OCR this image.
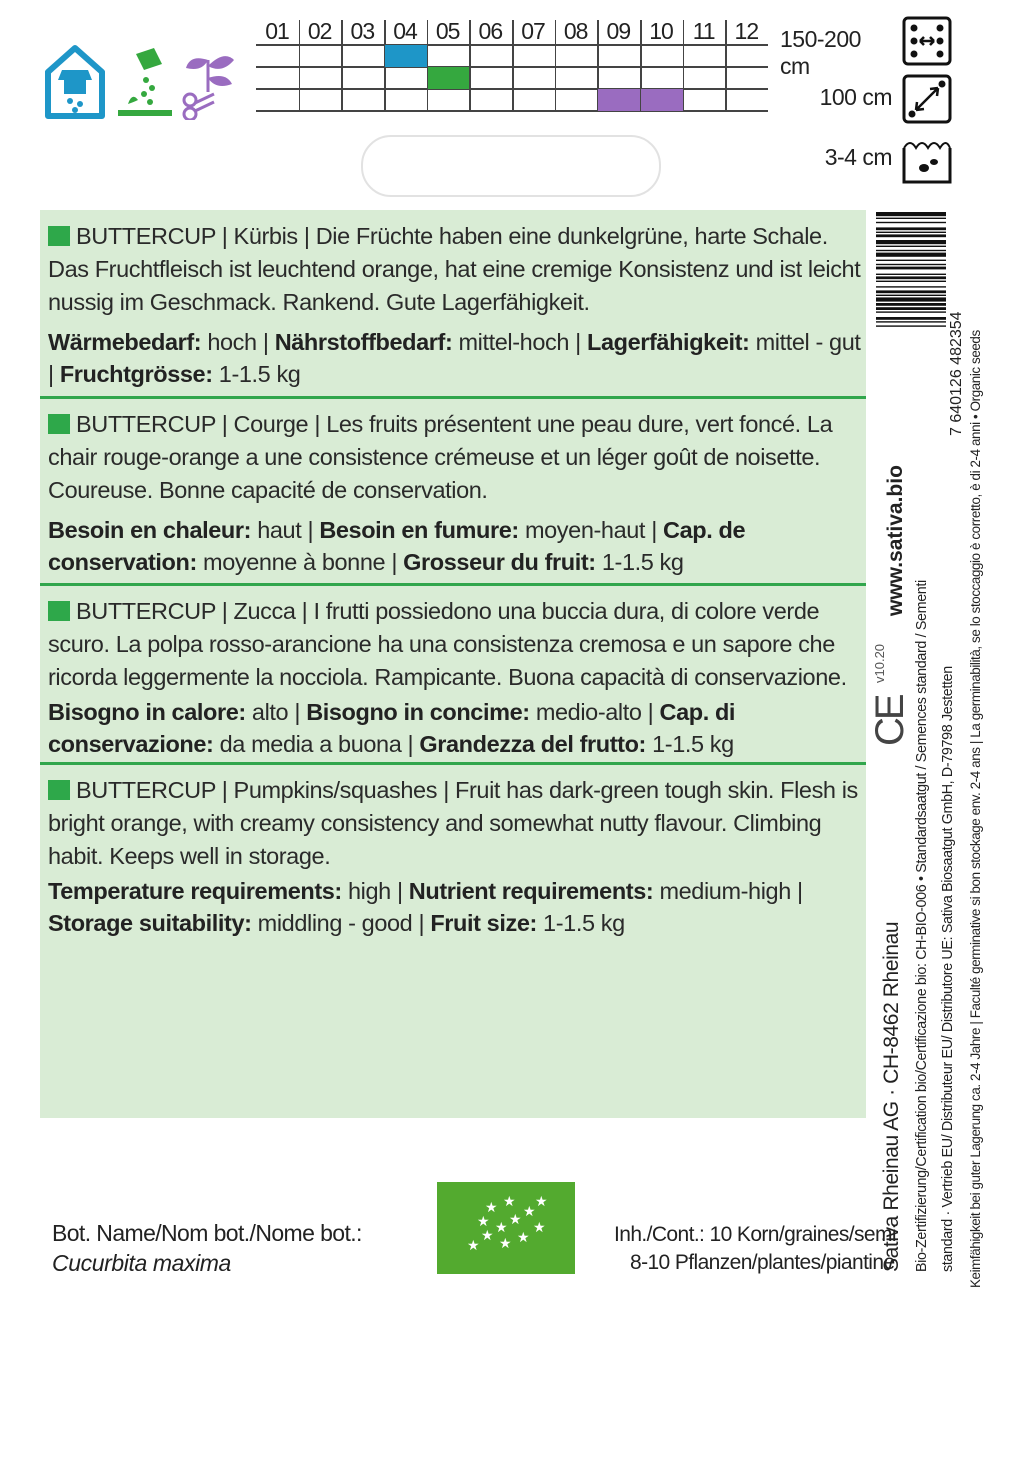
01 02 03 04 05 06 07 08 09 10 11 12 150-200 cm
100 cm
3-4 cm

BUTTERCUP | Kürbis | Die Früchte haben eine dunkelgrüne, harte Schale. Das Fruchtfleisch ist leuchtend orange, hat eine cremige Konsistenz und ist leicht nussig im Geschmack. Rankend. Gute Lagerfähigkeit.

Wärmebedarf: hoch | Nährstoffbedarf: mittel-hoch | Lagerfähigkeit: mittel - gut | Fruchtgrösse: 1-1.5 kg

BUTTERCUP | Courge | Les fruits présentent une peau dure, vert foncé. La chair rouge-orange a une consistence crémeuse et un léger goût de noisette. Coureuse. Bonne capacité de conservation.

Besoin en chaleur: haut | Besoin en fumure: moyen-haut | Cap. de conservation: moyenne à bonne | Grosseur du fruit: 1-1.5 kg

BUTTERCUP | Zucca | I frutti possiedono una buccia dura, di colore verde scuro. La polpa rosso-arancione ha una consistenza cremosa e un sapore che ricorda leggermente la nocciola. Rampicante. Buona capacità di conservazione.

Bisogno in calore: alto | Bisogno in concime: medio-alto | Cap. di conservazione: da media a buona | Grandezza del frutto: 1-1.5 kg

BUTTERCUP | Pumpkins/squashes | Fruit has dark-green tough skin. Flesh is bright orange, with creamy consistency and somewhat nutty flavour. Climbing habit. Keeps well in storage.

Temperature requirements: high | Nutrient requirements: medium-high | Storage suitability: middling - good | Fruit size: 1-1.5 kg

Bot. Name/Nom bot./Nome bot.:
Cucurbita maxima
★
★ ★ ★ ★
★
★ ★
★
★ ★
★	Inh./Cont.: 10 Korn/graines/semi
8-10 Pflanzen/plantes/piantine
7 640126 482354
www.sativa.bio
v10.20
CE
Sativa Rheinau AG · CH-8462 Rheinau Bio-Zertifizierung/Certification bio/Certificazione bio: CH-BIO-006 • Standardsaatgut / Semences standard / Sementi standard · Vertrieb EU/ Distributeur EU/ Distributore UE: Sativa Biosaatgut GmbH, D-79798 Jestetten Keimfähigkeit bei guter Lagerung ca. 2-4 Jahre | Faculté germinative si bon stockage env. 2-4 ans | La germinabilità, se lo stoccaggio è corretto, è di 2-4 anni • Organic seeds
